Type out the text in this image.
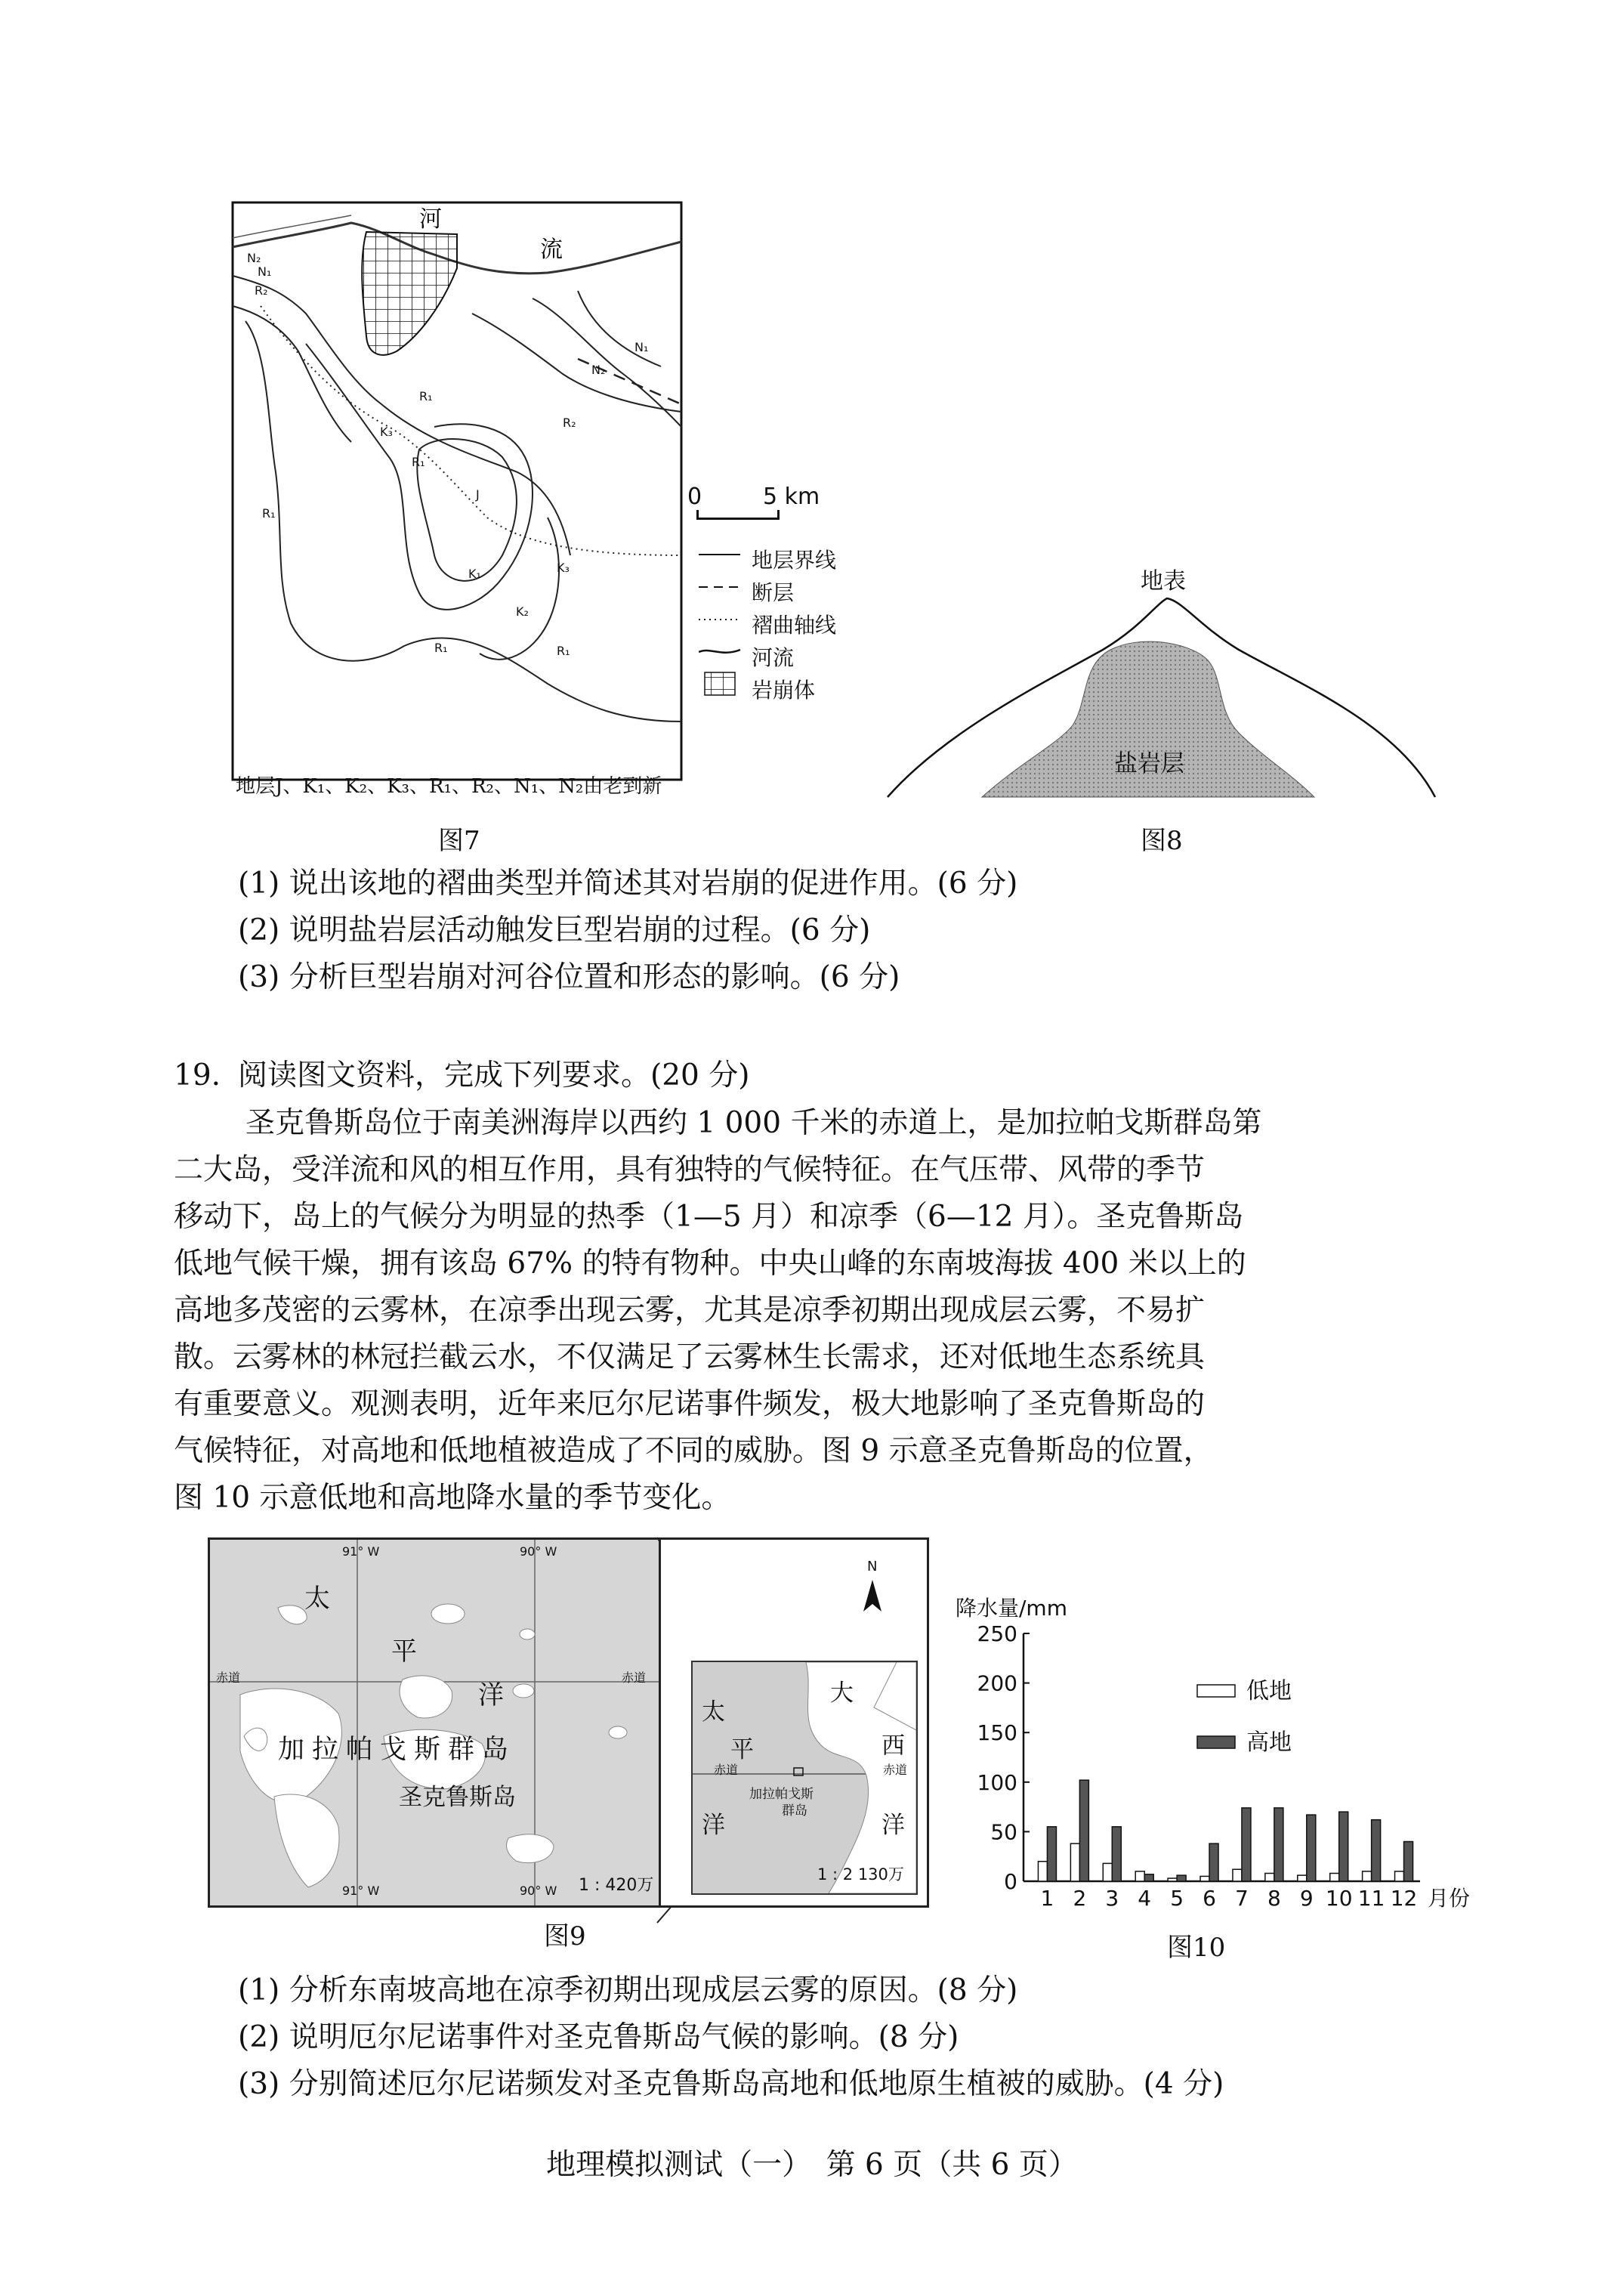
N₂
N₁
R₂
R₁
K₃
J
K₁
K₂
K₃
R₁
R₁	R₁
N₂
N₁
R₁
R₂
河
流
0	5 km
地层界线
断层
褶曲轴线
河流
岩崩体
地层J、K₁、K₂、K₃、R₁、R₂、N₁、N₂由老到新
图7
地表
盐岩层
图8
(1) 说出该地的褶曲类型并简述其对岩崩的促进作用。(6 分)
(2) 说明盐岩层活动触发巨型岩崩的过程。(6 分)
(3) 分析巨型岩崩对河谷位置和形态的影响。(6 分)
19. 阅读图文资料，完成下列要求。(20 分)
圣克鲁斯岛位于南美洲海岸以西约 1 000 千米的赤道上，是加拉帕戈斯群岛第
二大岛，受洋流和风的相互作用，具有独特的气候特征。在气压带、风带的季节
移动下，岛上的气候分为明显的热季（1—5 月）和凉季（6—12 月）。圣克鲁斯岛
低地气候干燥，拥有该岛 67% 的特有物种。中央山峰的东南坡海拔 400 米以上的
高地多茂密的云雾林，在凉季出现云雾，尤其是凉季初期出现成层云雾，不易扩
散。云雾林的林冠拦截云水，不仅满足了云雾林生长需求，还对低地生态系统具
有重要意义。观测表明，近年来厄尔尼诺事件频发，极大地影响了圣克鲁斯岛的
气候特征，对高地和低地植被造成了不同的威胁。图 9 示意圣克鲁斯岛的位置，
图 10 示意低地和高地降水量的季节变化。
91° W	90° W
91° W	90° W
赤道	赤道
太
平
洋
加拉帕戈斯群岛
圣克鲁斯岛
1 : 420万
N
太
平
洋
大
西
洋
赤道	赤道
加拉帕戈斯
群岛
1 : 2 130万
图9
降水量/mm
0
50
100
150
200
250
1 2 3 4 5 6 7 8 9 10 11 12 月份
低地
高地
图10
(1) 分析东南坡高地在凉季初期出现成层云雾的原因。(8 分)
(2) 说明厄尔尼诺事件对圣克鲁斯岛气候的影响。(8 分)
(3) 分别简述厄尔尼诺频发对圣克鲁斯岛高地和低地原生植被的威胁。(4 分)
地理模拟测试（一）　第 6 页（共 6 页）
